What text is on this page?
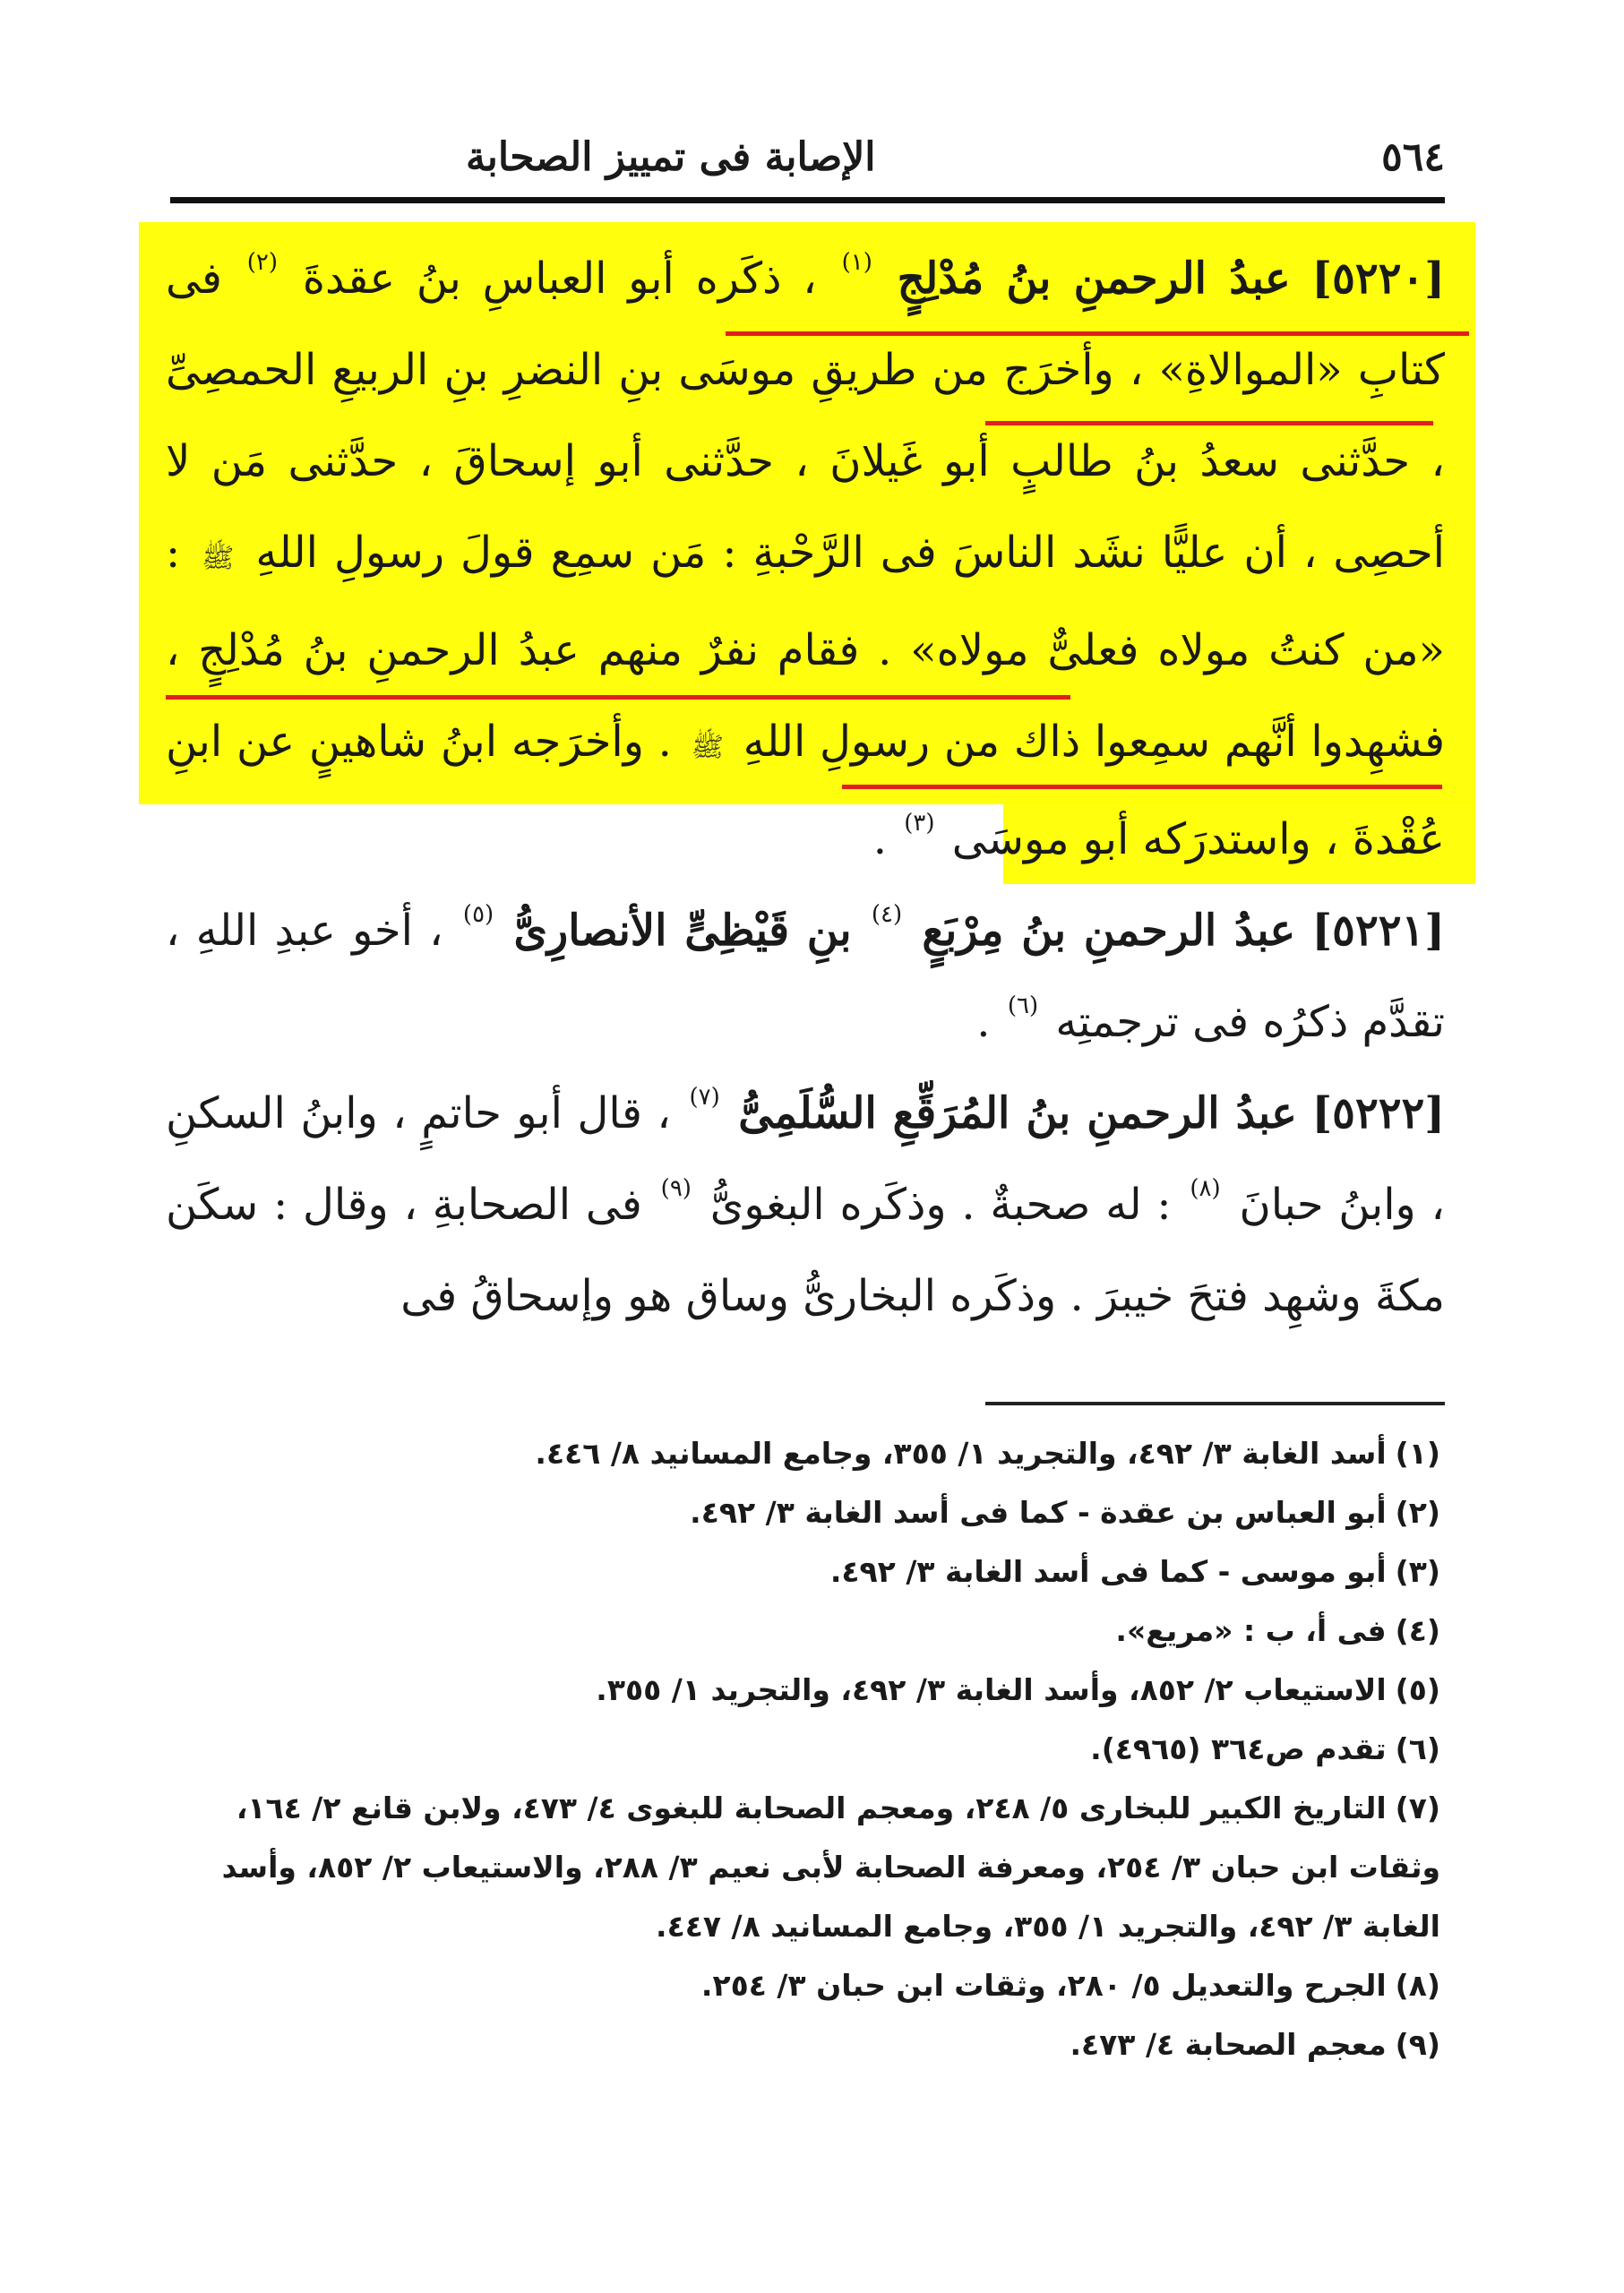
٥٦٤
الإصابة فى تمييز الصحابة

[٥٢٢٠] عبدُ الرحمنِ بنُ مُدْلِجٍ $^{(١)}$ ، ذكَره أبو العباسِ بنُ عقدةَ $^{(٢)}$ فى كتابِ «الموالاةِ» ، وأخرَج من طريقِ موسَى بنِ النضرِ بنِ الربيعِ الحمصِىِّ ، حدَّثنى سعدُ بنُ طالبٍ أبو غَيلانَ ، حدَّثنى أبو إسحاقَ ، حدَّثنى مَن لا أحصِى ، أن عليًّا نشَد الناسَ فى الرَّحْبةِ : مَن سمِع قولَ رسولِ اللهِ ﷺ : «من كنتُ مولاه فعلىٌّ مولاه» . فقام نفرٌ منهم عبدُ الرحمنِ بنُ مُدْلِجٍ ، فشهِدوا أنَّهم سمِعوا ذاك من رسولِ اللهِ ﷺ . وأخرَجه ابنُ شاهينٍ عن ابنِ عُقْدةَ ، واستدرَكه أبو موسَى $^{(٣)}$ .

[٥٢٢١] عبدُ الرحمنِ بنُ مِرْبَعٍ $^{(٤)}$ بنِ قَيْظِىٍّ الأنصارِىُّ $^{(٥)}$ ، أخو عبدِ اللهِ ، تقدَّم ذكرُه فى ترجمتِه $^{(٦)}$ .

[٥٢٢٢] عبدُ الرحمنِ بنُ المُرَقِّعِ السُّلَمِىُّ $^{(٧)}$ ، قال أبو حاتمٍ ، وابنُ السكنِ ، وابنُ حبانَ $^{(٨)}$ : له صحبةٌ . وذكَره البغوىُّ $^{(٩)}$ فى الصحابةِ ، وقال : سكَن مكةَ وشهِد فتحَ خيبرَ . وذكَره البخارىُّ وساق هو وإسحاقُ فى

(١)أسد الغابة ٣/ ٤٩٢، والتجريد ١/ ٣٥٥، وجامع المسانيد ٨/ ٤٤٦.
(٢)أبو العباس بن عقدة - كما فى أسد الغابة ٣/ ٤٩٢.
(٣)أبو موسى - كما فى أسد الغابة ٣/ ٤٩٢.
(٤)فى أ، ب : «مريع».
(٥)الاستيعاب ٢/ ٨٥٢، وأسد الغابة ٣/ ٤٩٢، والتجريد ١/ ٣٥٥.
(٦)تقدم ص٣٦٤ (٤٩٦٥).
(٧)التاريخ الكبير للبخارى ٥/ ٢٤٨، ومعجم الصحابة للبغوى ٤/ ٤٧٣، ولابن قانع ٢/ ١٦٤، وثقات ابن حبان ٣/ ٢٥٤، ومعرفة الصحابة لأبى نعيم ٣/ ٢٨٨، والاستيعاب ٢/ ٨٥٢، وأسد الغابة ٣/ ٤٩٢، والتجريد ١/ ٣٥٥، وجامع المسانيد ٨/ ٤٤٧.
(٨)الجرح والتعديل ٥/ ٢٨٠، وثقات ابن حبان ٣/ ٢٥٤.
(٩)معجم الصحابة ٤/ ٤٧٣.
